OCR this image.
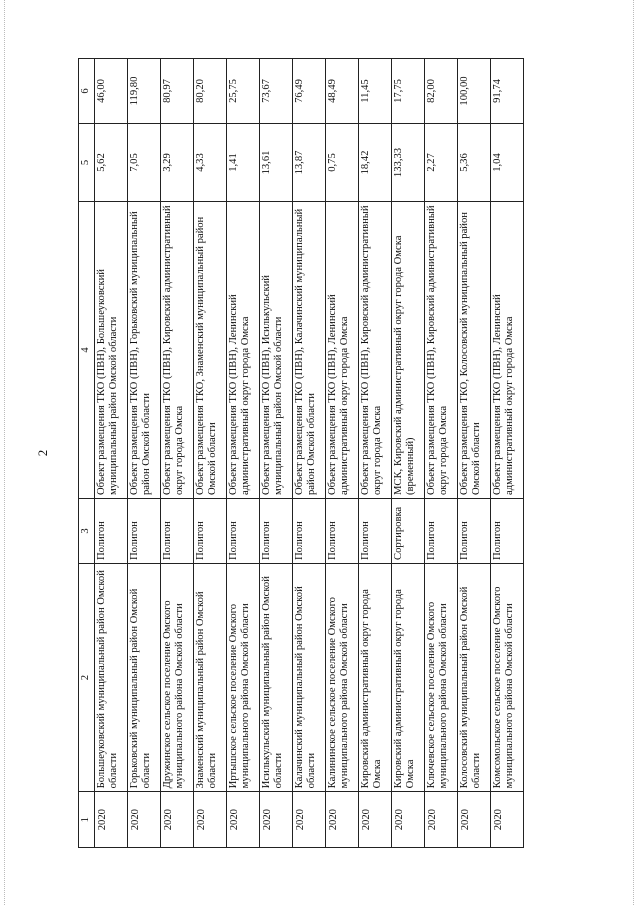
2
1	2	3	4	5	6
2020	Большеуковский муниципальный район Омской области	Полигон	Объект размещения ТКО (ПВН), Большеуковский муниципальный район Омской области	5,62	46,00
2020	Горьковский муниципальный район Омской области	Полигон	Объект размещения ТКО (ПВН), Горьковский муниципальный район Омской области	7,05	119,80
2020	Дружинское сельское поселение Омского муниципального района Омской области	Полигон	Объект размещения ТКО (ПВН), Кировский административный округ города Омска	3,29	80,97
2020	Знаменский муниципальный район Омской области	Полигон	Объект размещения ТКО, Знаменский муниципальный район Омской области	4,33	80,20
2020	Иртышское сельское поселение Омского муниципального района Омской области	Полигон	Объект размещения ТКО (ПВН), Ленинский административный округ города Омска	1,41	25,75
2020	Исилькульский муниципальный район Омской области	Полигон	Объект размещения ТКО (ПВН), Исилькульский муниципальный район Омской области	13,61	73,67
2020	Калачинский муниципальный район Омской области	Полигон	Объект размещения ТКО (ПВН), Калачинский муниципальный район Омской области	13,87	76,49
2020	Калининское сельское поселение Омского муниципального района Омской области	Полигон	Объект размещения ТКО (ПВН), Ленинский административный округ города Омска	0,75	48,49
2020	Кировский административный округ города Омска	Полигон	Объект размещения ТКО (ПВН), Кировский административный округ города Омска	18,42	11,45
2020	Кировский административный округ города Омска	Сортировка	МСК, Кировский административный округ города Омска (временный)	133,33	17,75
2020	Ключевское сельское поселение Омского муниципального района Омской области	Полигон	Объект размещения ТКО (ПВН), Кировский административный округ города Омска	2,27	82,00
2020	Колосовский муниципальный район Омской области	Полигон	Объект размещения ТКО, Колосовский муниципальный район Омской области	5,36	100,00
2020	Комсомольское сельское поселение Омского муниципального района Омской области	Полигон	Объект размещения ТКО (ПВН), Ленинский административный округ города Омска	1,04	91,74
